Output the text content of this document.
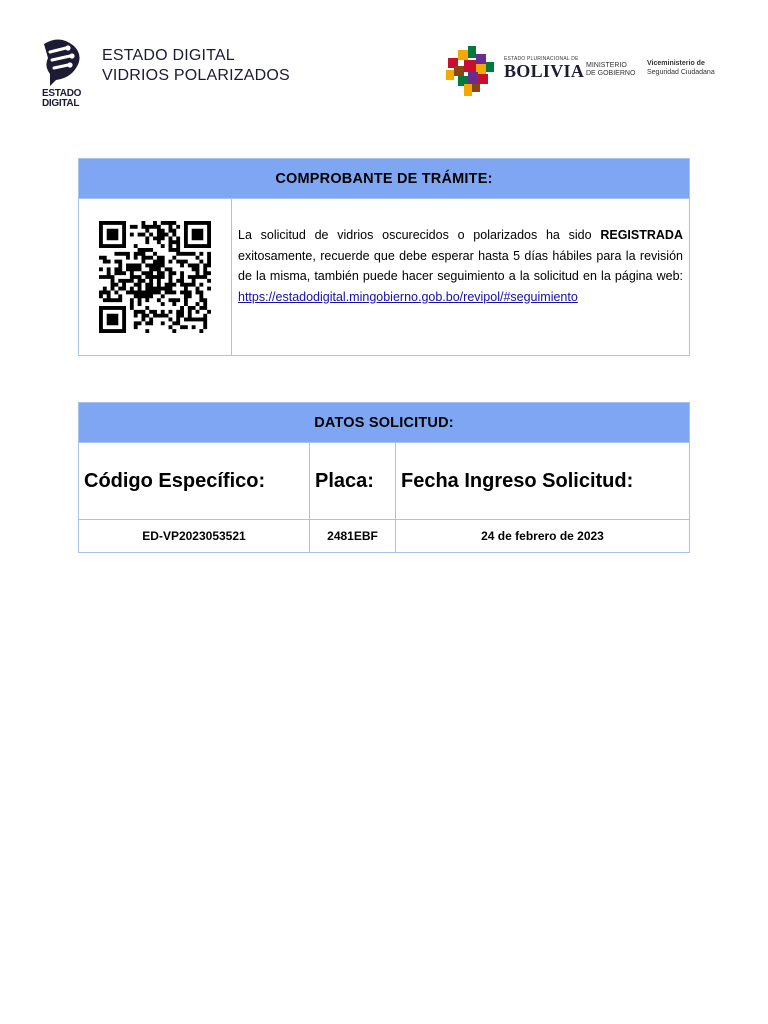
ESTADO
DIGITAL
ESTADO DIGITAL
VIDRIOS POLARIZADOS
ESTADO PLURINACIONAL DE
BOLIVIA MINISTERIO
DE GOBIERNO
Viceministerio de
Seguridad Ciudadana
COMPROBANTE DE TRÁMITE:

	La solicitud de vidrios oscurecidos o polarizados ha sido REGISTRADA exitosamente, recuerde que debe esperar hasta 5 días hábiles para la revisión de la misma, también puede hacer seguimiento a la solicitud en la página web: https://estadodigital.mingobierno.gob.bo/revipol/#seguimiento
DATOS SOLICITUD:		
Código Específico:	Placa:	Fecha Ingreso Solicitud:
ED-VP2023053521	2481EBF	24 de febrero de 2023
